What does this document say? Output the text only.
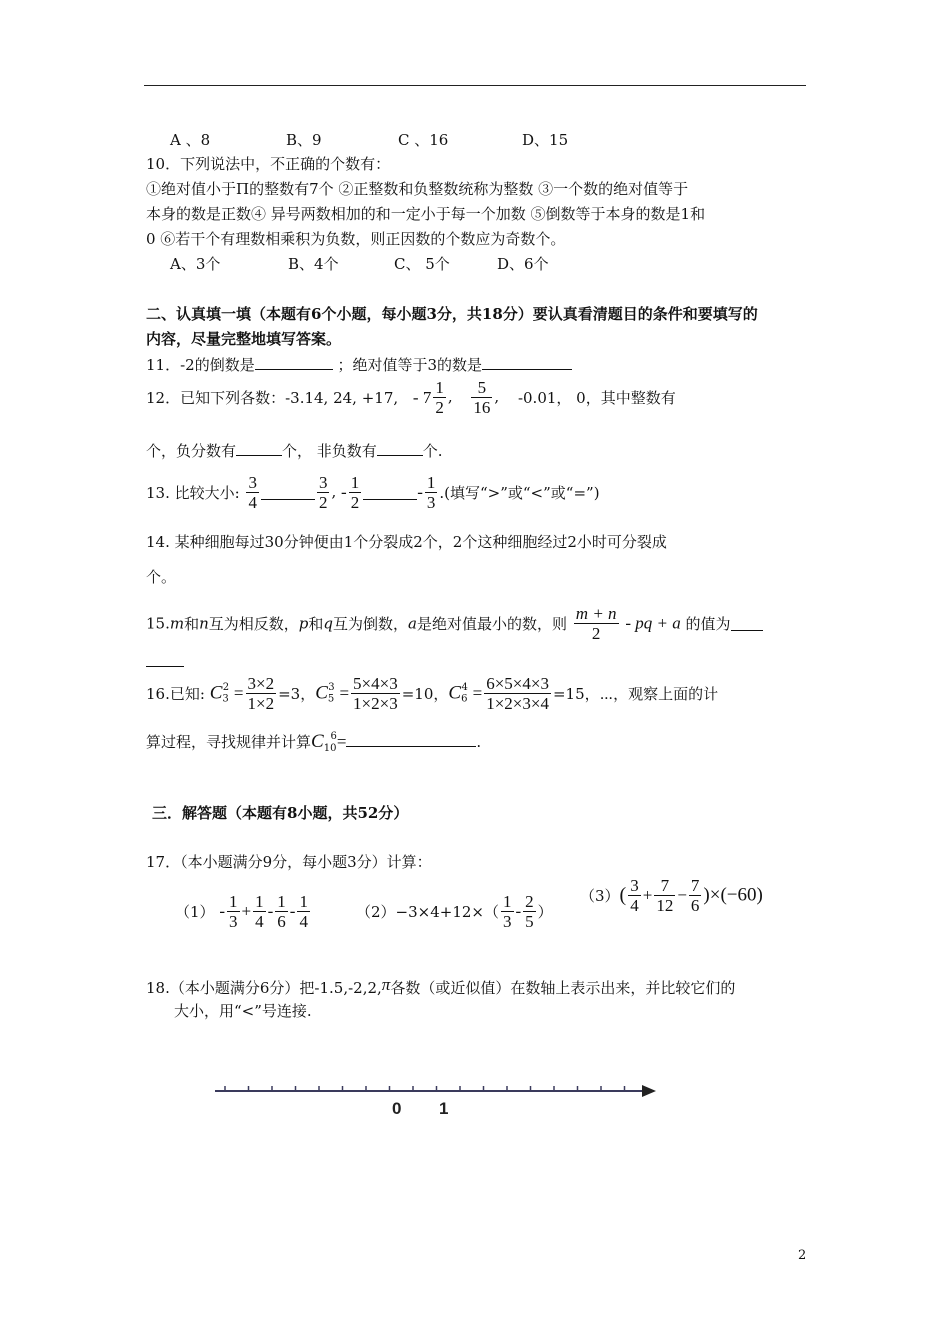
A 、8	B、9	C 、16	D、15
10．下列说法中，不正确的个数有：
①绝对值小于Π的整数有7个 ②正整数和负整数统称为整数 ③一个数的绝对值等于
本身的数是正数④ 异号两数相加的和一定小于每一个加数 ⑤倒数等于本身的数是1和
0 ⑥若干个有理数相乘积为负数，则正因数的个数应为奇数个。
A、3个	B、4个	C、 5个	D、6个
二、认真填一填（本题有6个小题，每小题3分，共18分）要认真看清题目的条件和要填写的
内容，尽量完整地填写答案。
11．-2的倒数是	；绝对值等于3的数是
12．已知下列各数：-3.14, 24, +17, - $7 \frac{1}{2}$ , $\frac{5}{16}$ , -0.01， 0，其中整数有
个，负分数有	个， 非负数有	个.
13. 比较大小: $\frac{3}{4}$	$\frac{3}{2}$ , - $\frac{1}{2}$	- $\frac{1}{3}$ .(填写“>”或“<”或“=”)
14. 某种细胞每过30分钟便由1个分裂成2个，2个这种细胞经过2小时可分裂成
个。
15.m和n互为相反数，p和q互为倒数，a是绝对值最小的数，则 $\frac{m + n}{2}$ - pq + a 的值为
16.已知: $C_3^2 = \frac{3\times 2}{1\times 2} =3$，$C_5^3 = \frac{5\times 4\times 3}{1\times 2\times 3} =10$，$C_6^4 = \frac{6\times 5\times 4\times 3}{1\times 2\times 3\times 4} =15$，⋯，观察上面的计
算过程，寻找规律并计算$C_{10}^6=$	.
三．解答题（本题有8小题，共52分）
17．（本小题满分9分，每小题3分）计算：
$(1) - \frac{1}{3} + \frac{1}{4} - \frac{1}{6} - \frac{1}{4}$	$(2)-3\times 4+12\times( \frac{1}{3} - \frac{2}{5}$ ）
$(3)( \frac{3}{4} + \frac{7}{12} - \frac{7}{6} )\times(-60)$
18.（本小题满分6分）把-1.5,-2,2,π各数（或近似值）在数轴上表示出来，并比较它们的
大小，用“<”号连接.
0 1
2
